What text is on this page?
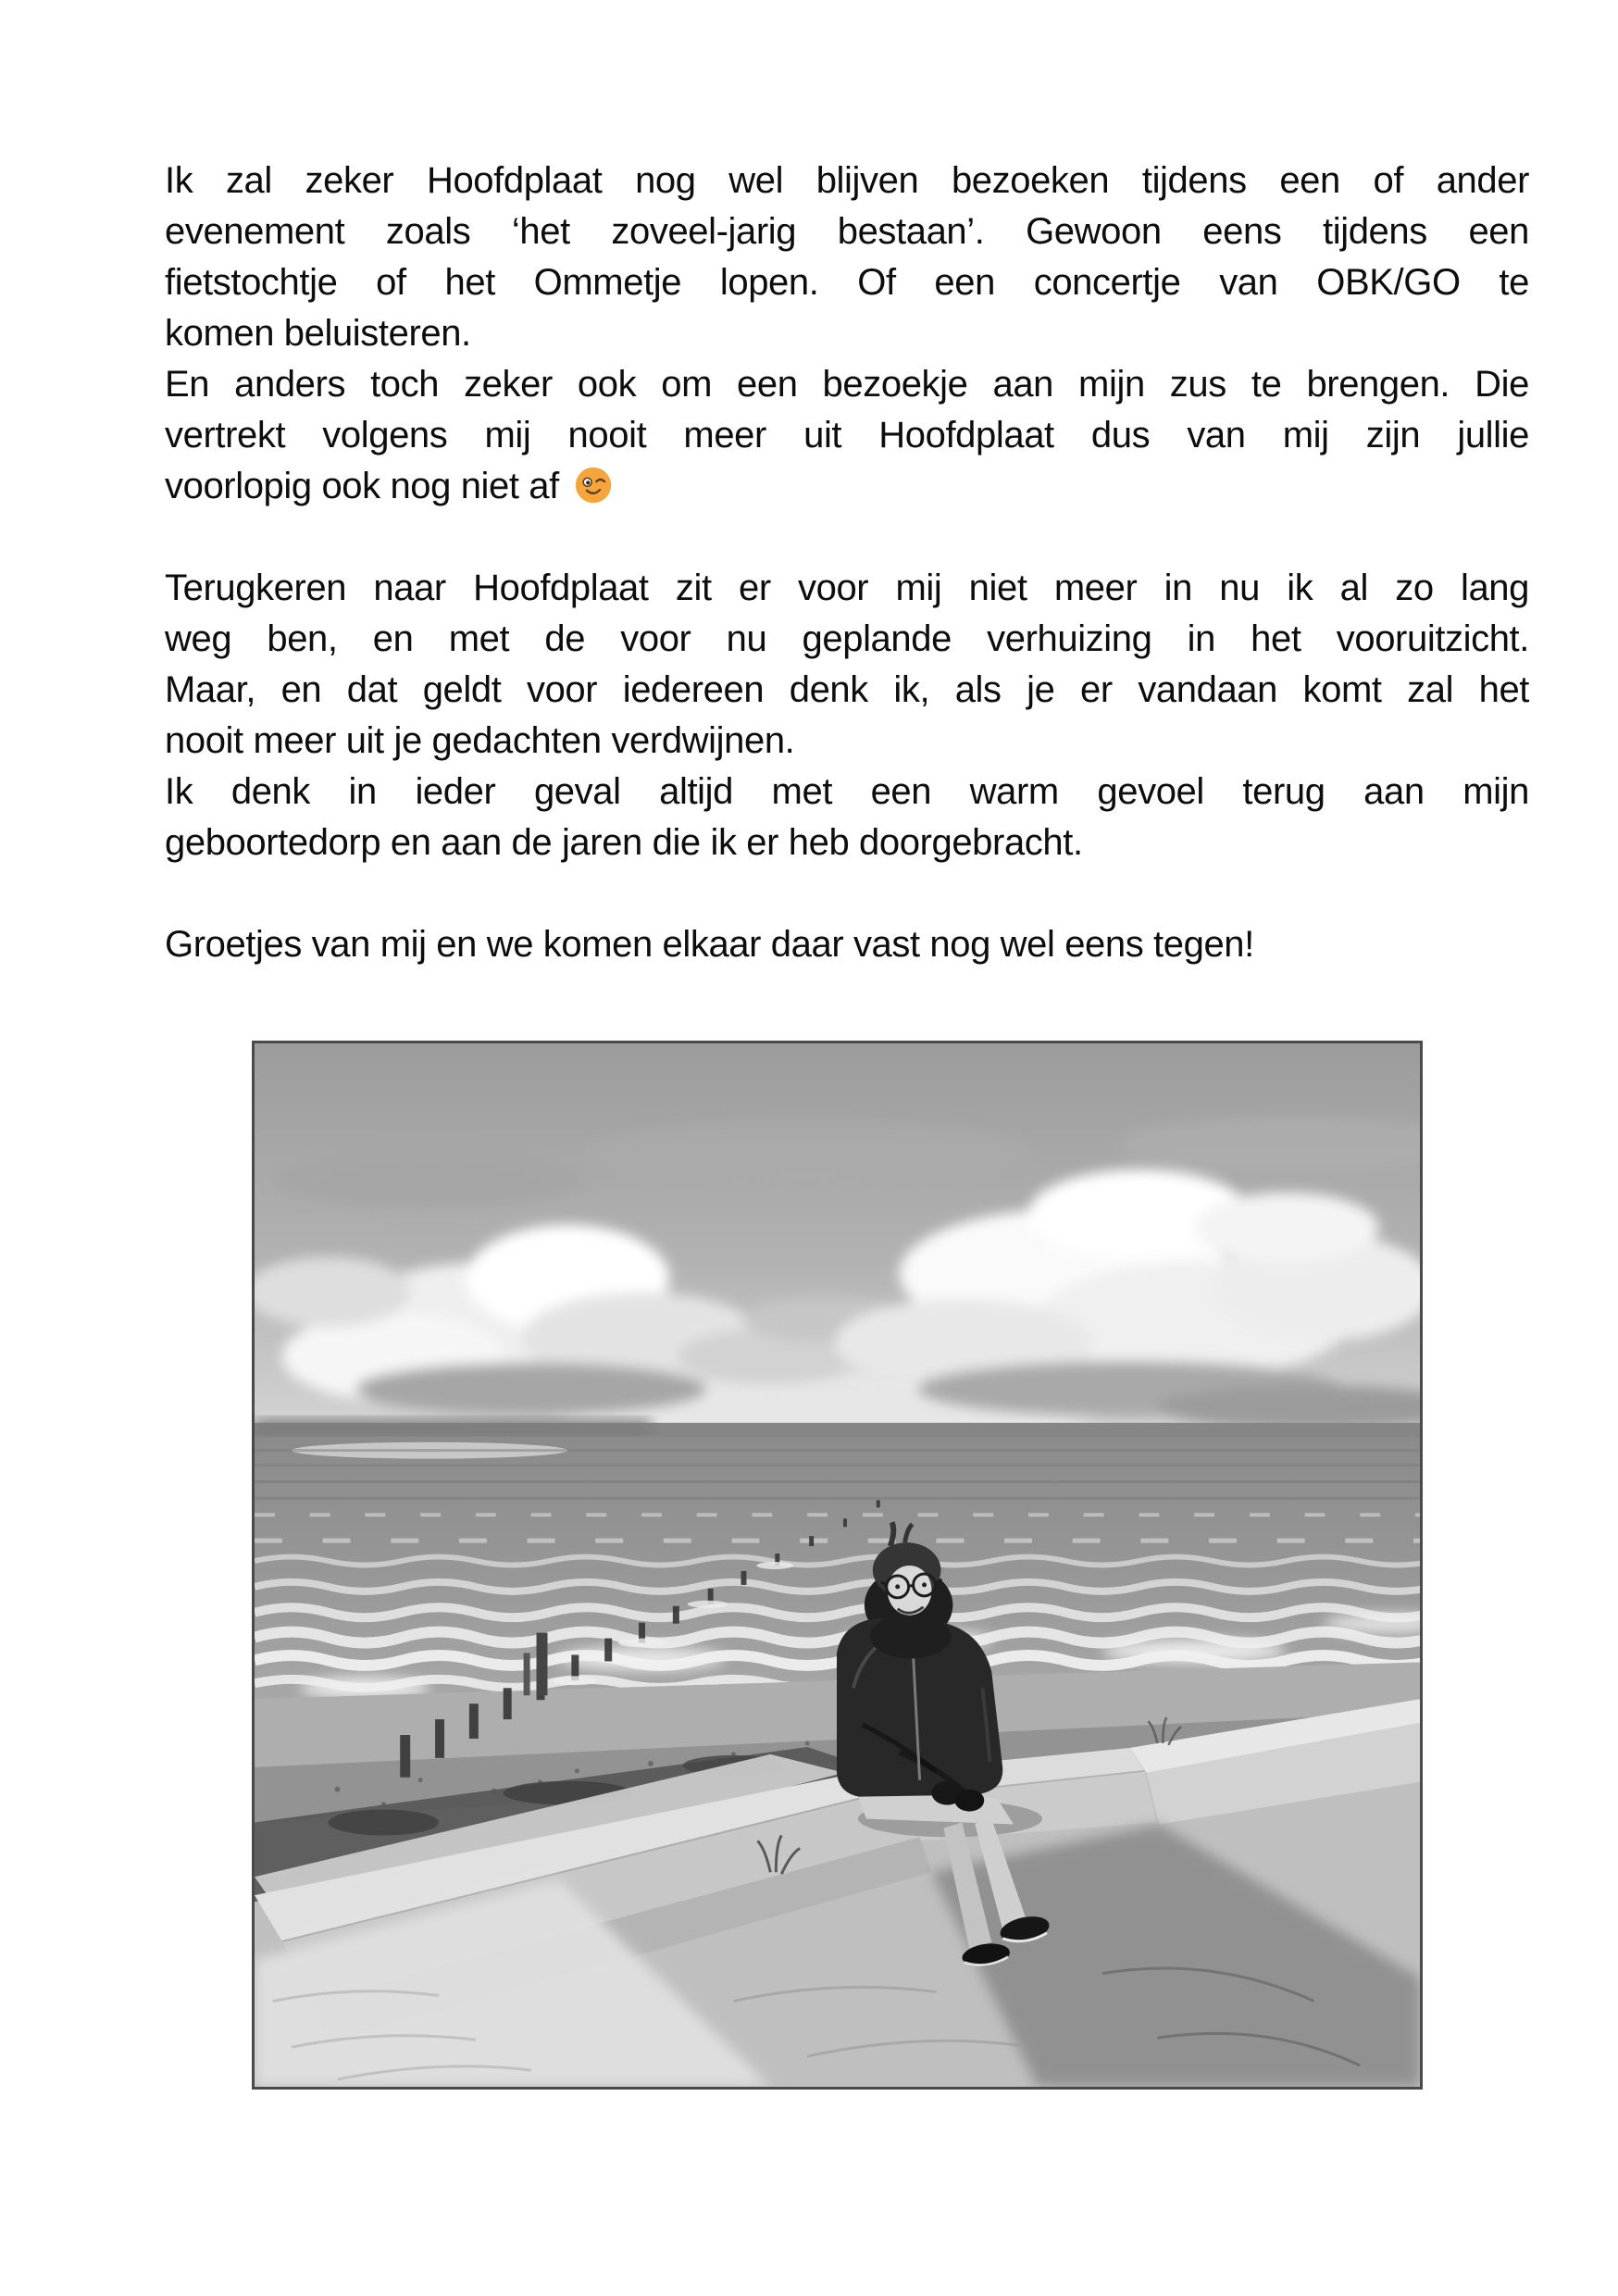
Ik zal zeker Hoofdplaat nog wel blijven bezoeken tijdens een of ander
evenement zoals ‘het zoveel-jarig bestaan’. Gewoon eens tijdens een
fietstochtje of het Ommetje lopen. Of een concertje van OBK/GO te
komen beluisteren.
En anders toch zeker ook om een bezoekje aan mijn zus te brengen. Die
vertrekt volgens mij nooit meer uit Hoofdplaat dus van mij zijn jullie
voorlopig ook nog niet af
Terugkeren naar Hoofdplaat zit er voor mij niet meer in nu ik al zo lang
weg ben, en met de voor nu geplande verhuizing in het vooruitzicht.
Maar, en dat geldt voor iedereen denk ik, als je er vandaan komt zal het
nooit meer uit je gedachten verdwijnen.
Ik denk in ieder geval altijd met een warm gevoel terug aan mijn
geboortedorp en aan de jaren die ik er heb doorgebracht.
Groetjes van mij en we komen elkaar daar vast nog wel eens tegen!
